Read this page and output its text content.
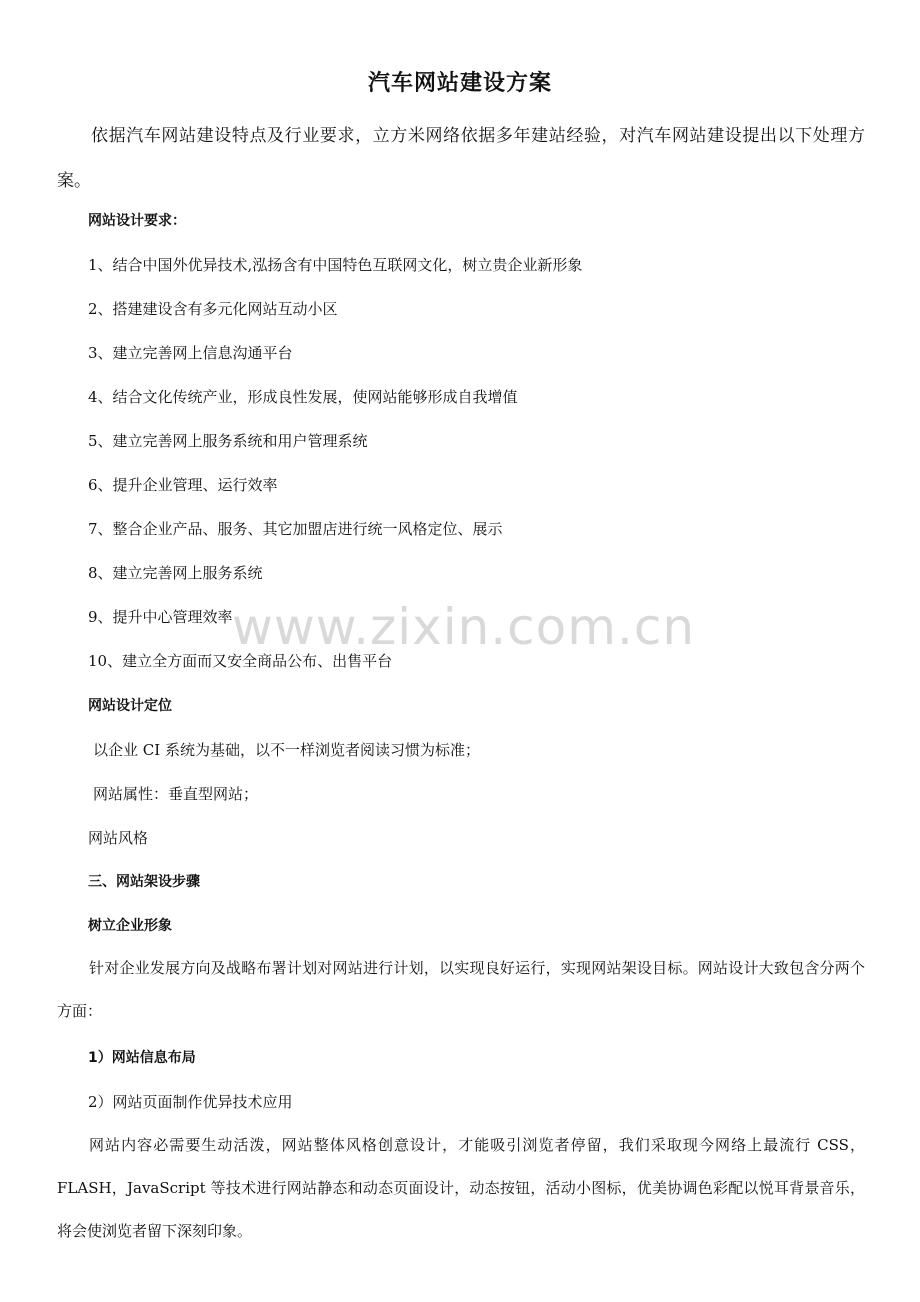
汽车网站建设方案
依据汽车网站建设特点及行业要求，立方米网络依据多年建站经验，对汽车网站建设提出以下处理方案。
网站设计要求：
1、结合中国外优异技术,泓扬含有中国特色互联网文化，树立贵企业新形象
2、搭建建设含有多元化网站互动小区
3、建立完善网上信息沟通平台
4、结合文化传统产业，形成良性发展，使网站能够形成自我增值
5、建立完善网上服务系统和用户管理系统
6、提升企业管理、运行效率
7、整合企业产品、服务、其它加盟店进行统一风格定位、展示
8、建立完善网上服务系统
9、提升中心管理效率
10、建立全方面而又安全商品公布、出售平台
网站设计定位
以企业 CI 系统为基础，以不一样浏览者阅读习惯为标准；
网站属性：垂直型网站；
网站风格
三、网站架设步骤
树立企业形象
针对企业发展方向及战略布署计划对网站进行计划，以实现良好运行，实现网站架设目标。网站设计大致包含分两个方面：
1）网站信息布局
2）网站页面制作优异技术应用
网站内容必需要生动活泼，网站整体风格创意设计，才能吸引浏览者停留，我们采取现今网络上最流行 CSS，FLASH，JavaScript 等技术进行网站静态和动态页面设计，动态按钮，活动小图标，优美协调色彩配以悦耳背景音乐，将会使浏览者留下深刻印象。
www.zixin.com.cn
